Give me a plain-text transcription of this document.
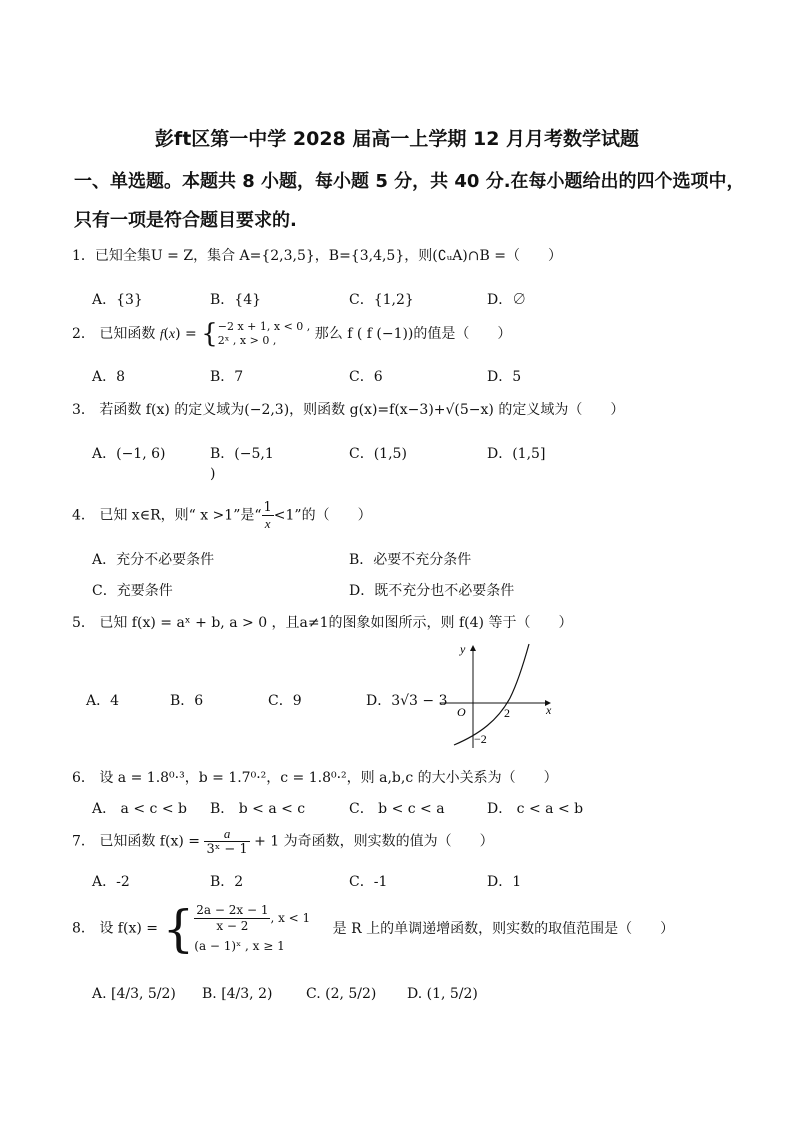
彭ft区第一中学 2028 届高一上学期 12 月月考数学试题
一、单选题。本题共 8 小题，每小题 5 分，共 40 分.在每小题给出的四个选项中，
只有一项是符合题目要求的.
1．已知全集U = Z，集合 A={2,3,5}，B={3,4,5}，则(∁ᵤA)∩B =（　　）
A．{3}	B．{4}	C．{1,2}	D．∅
2． 已知函数 f(x) = { −2 x + 1, x < 0 ,
2ˣ , x > 0 ,	那么 f ( f (−1))的值是（　　）
A．8	B．7	C．6	D．5
3． 若函数 f(x) 的定义域为(−2,3)，则函数 g(x)=f(x−3)+√(5−x) 的定义域为（　　）
A．(−1, 6)	B．(−5,1
)
C．(1,5)	D．(1,5]
4． 已知 x∈R，则“ x >1”是“ $\frac{1}{x} <1$”的（　　）
A．充分不必要条件	B．必要不充分条件
C．充要条件	D．既不充分也不必要条件
5． 已知 f(x) = aˣ + b, a > 0 ，且a≠1的图象如图所示，则 f(4) 等于（　　）
A．4	B．6	C．9	D．3√3 − 3
y
x
O	2
−2
6． 设 a = 1.8⁰·³，b = 1.7⁰·²，c = 1.8⁰·²，则 a,b,c 的大小关系为（　　）
A． a < c < b B． b < a < c	C． b < c < a	D． c < a < b
7． 已知函数 $f(x) = \frac{a}{\text{3ˣ − 1}} + 1$ 为奇函数，则实数的值为（　　）
A．-2	B．2	C．-1	D．1
8． 设 f(x) = { $\frac{2a - 2x - 1}{x - 2}$ , x < 1
(a − 1)ˣ , x ≥ 1
是 R 上的单调递增函数，则实数的取值范围是（　　）
A. [4/3, 5/2) B. [4/3, 2) C. (2, 5/2) D. (1, 5/2)
